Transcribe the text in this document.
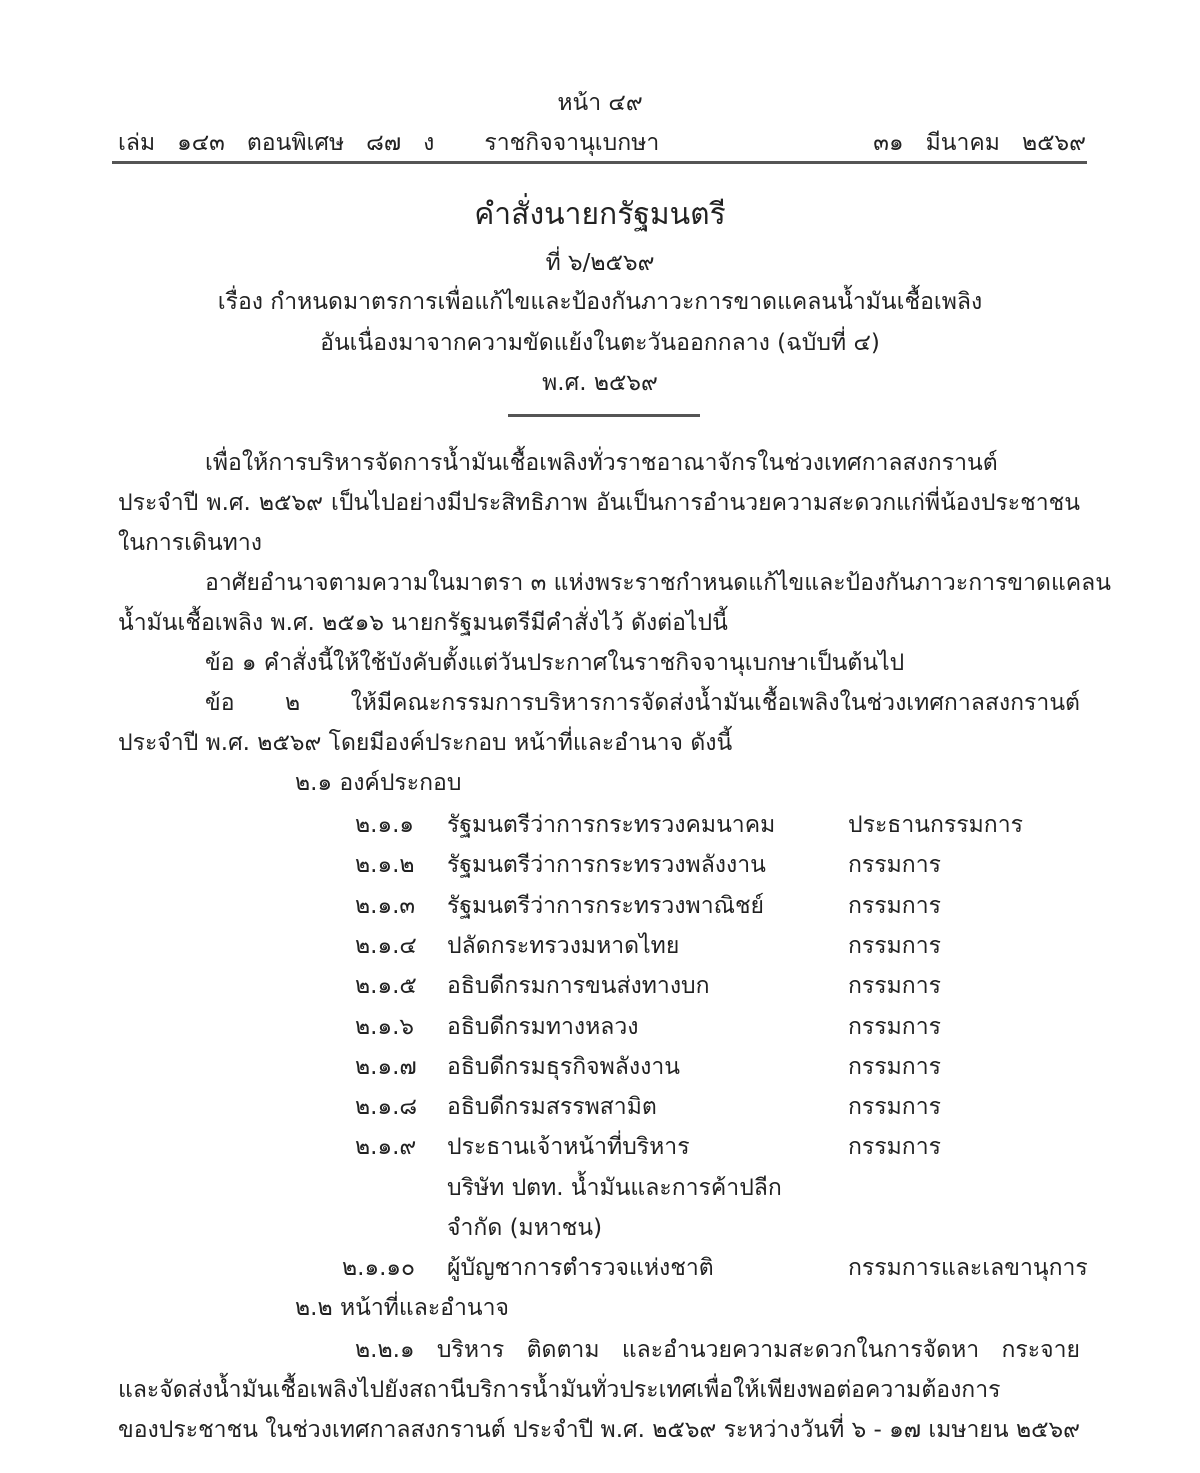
หน้า ๔๙
เล่ม ๑๔๓ ตอนพิเศษ ๘๗ ง ราชกิจจานุเบกษา	๓๑ มีนาคม ๒๕๖๙
คำสั่งนายกรัฐมนตรี
ที่ ๖/๒๕๖๙
เรื่อง กำหนดมาตรการเพื่อแก้ไขและป้องกันภาวะการขาดแคลนน้ำมันเชื้อเพลิง
อันเนื่องมาจากความขัดแย้งในตะวันออกกลาง (ฉบับที่ ๔)
พ.ศ. ๒๕๖๙
เพื่อให้การบริหารจัดการน้ำมันเชื้อเพลิงทั่วราชอาณาจักรในช่วงเทศกาลสงกรานต์
ประจำปี พ.ศ. ๒๕๖๙ เป็นไปอย่างมีประสิทธิภาพ อันเป็นการอำนวยความสะดวกแก่พี่น้องประชาชน
ในการเดินทาง
อาศัยอำนาจตามความในมาตรา ๓ แห่งพระราชกำหนดแก้ไขและป้องกันภาวะการขาดแคลน
น้ำมันเชื้อเพลิง พ.ศ. ๒๕๑๖ นายกรัฐมนตรีมีคำสั่งไว้ ดังต่อไปนี้
ข้อ ๑ คำสั่งนี้ให้ใช้บังคับตั้งแต่วันประกาศในราชกิจจานุเบกษาเป็นต้นไป
ข้อ ๒ ให้มีคณะกรรมการบริหารการจัดส่งน้ำมันเชื้อเพลิงในช่วงเทศกาลสงกรานต์
ประจำปี พ.ศ. ๒๕๖๙ โดยมีองค์ประกอบ หน้าที่และอำนาจ ดังนี้
๒.๑ องค์ประกอบ
๒.๑.๑	รัฐมนตรีว่าการกระทรวงคมนาคม	ประธานกรรมการ
๒.๑.๒	รัฐมนตรีว่าการกระทรวงพลังงาน	กรรมการ
๒.๑.๓	รัฐมนตรีว่าการกระทรวงพาณิชย์	กรรมการ
๒.๑.๔	ปลัดกระทรวงมหาดไทย	กรรมการ
๒.๑.๕	อธิบดีกรมการขนส่งทางบก	กรรมการ
๒.๑.๖	อธิบดีกรมทางหลวง	กรรมการ
๒.๑.๗	อธิบดีกรมธุรกิจพลังงาน	กรรมการ
๒.๑.๘	อธิบดีกรมสรรพสามิต	กรรมการ
๒.๑.๙	ประธานเจ้าหน้าที่บริหาร	กรรมการ
บริษัท ปตท. น้ำมันและการค้าปลีก
จำกัด (มหาชน)
๒.๑.๑๐	ผู้บัญชาการตำรวจแห่งชาติ	กรรมการและเลขานุการ
๒.๒ หน้าที่และอำนาจ
๒.๒.๑ บริหาร ติดตาม และอำนวยความสะดวกในการจัดหา กระจาย
และจัดส่งน้ำมันเชื้อเพลิงไปยังสถานีบริการน้ำมันทั่วประเทศเพื่อให้เพียงพอต่อความต้องการ
ของประชาชน ในช่วงเทศกาลสงกรานต์ ประจำปี พ.ศ. ๒๕๖๙ ระหว่างวันที่ ๖ - ๑๗ เมษายน ๒๕๖๙
